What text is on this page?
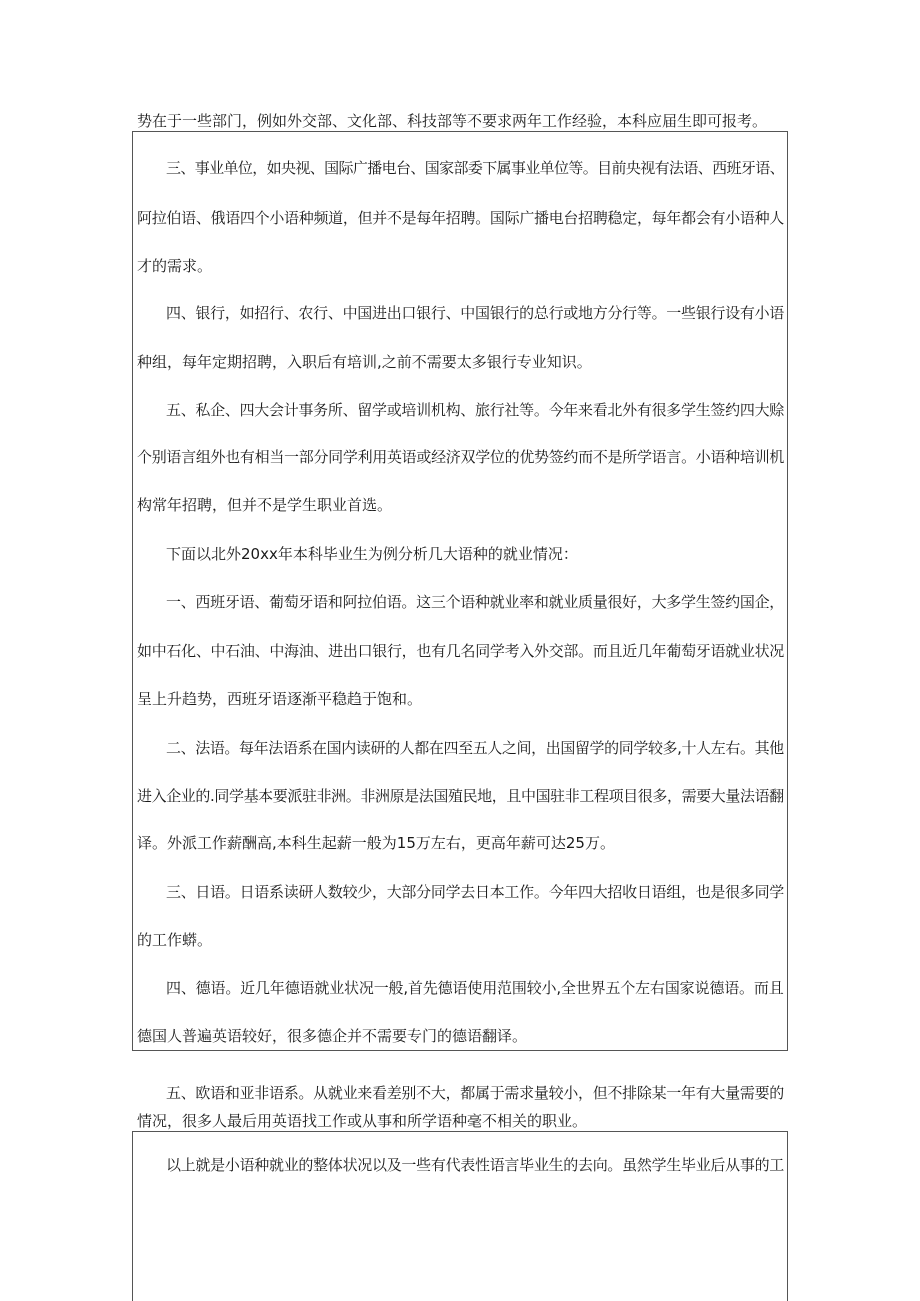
势在于一些部门，例如外交部、文化部、科技部等不要求两年工作经验，本科应届生即可报考。
三、事业单位，如央视、国际广播电台、国家部委下属事业单位等。目前央视有法语、西班牙语、
阿拉伯语、俄语四个小语种频道，但并不是每年招聘。国际广播电台招聘稳定，每年都会有小语种人
才的需求。
四、银行，如招行、农行、中国进出口银行、中国银行的总行或地方分行等。一些银行设有小语
种组，每年定期招聘，入职后有培训,之前不需要太多银行专业知识。
五、私企、四大会计事务所、留学或培训机构、旅行社等。今年来看北外有很多学生签约四大赊
个别语言组外也有相当一部分同学利用英语或经济双学位的优势签约而不是所学语言。小语种培训机
构常年招聘，但并不是学生职业首选。
下面以北外20xx年本科毕业生为例分析几大语种的就业情况：
一、西班牙语、葡萄牙语和阿拉伯语。这三个语种就业率和就业质量很好，大多学生签约国企，
如中石化、中石油、中海油、进出口银行，也有几名同学考入外交部。而且近几年葡萄牙语就业状况
呈上升趋势，西班牙语逐渐平稳趋于饱和。
二、法语。每年法语系在国内读研的人都在四至五人之间，出国留学的同学较多,十人左右。其他
进入企业的.同学基本要派驻非洲。非洲原是法国殖民地，且中国驻非工程项目很多，需要大量法语翻
译。外派工作薪酬高,本科生起薪一般为15万左右，更高年薪可达25万。
三、日语。日语系读研人数较少，大部分同学去日本工作。今年四大招收日语组，也是很多同学
的工作蟒。
四、德语。近几年德语就业状况一般,首先德语使用范围较小,全世界五个左右国家说德语。而且
德国人普遍英语较好，很多德企并不需要专门的德语翻译。
五、欧语和亚非语系。从就业来看差别不大，都属于需求量较小，但不排除某一年有大量需要的
情况，很多人最后用英语找工作或从事和所学语种毫不相关的职业。
以上就是小语种就业的整体状况以及一些有代表性语言毕业生的去向。虽然学生毕业后从事的工
